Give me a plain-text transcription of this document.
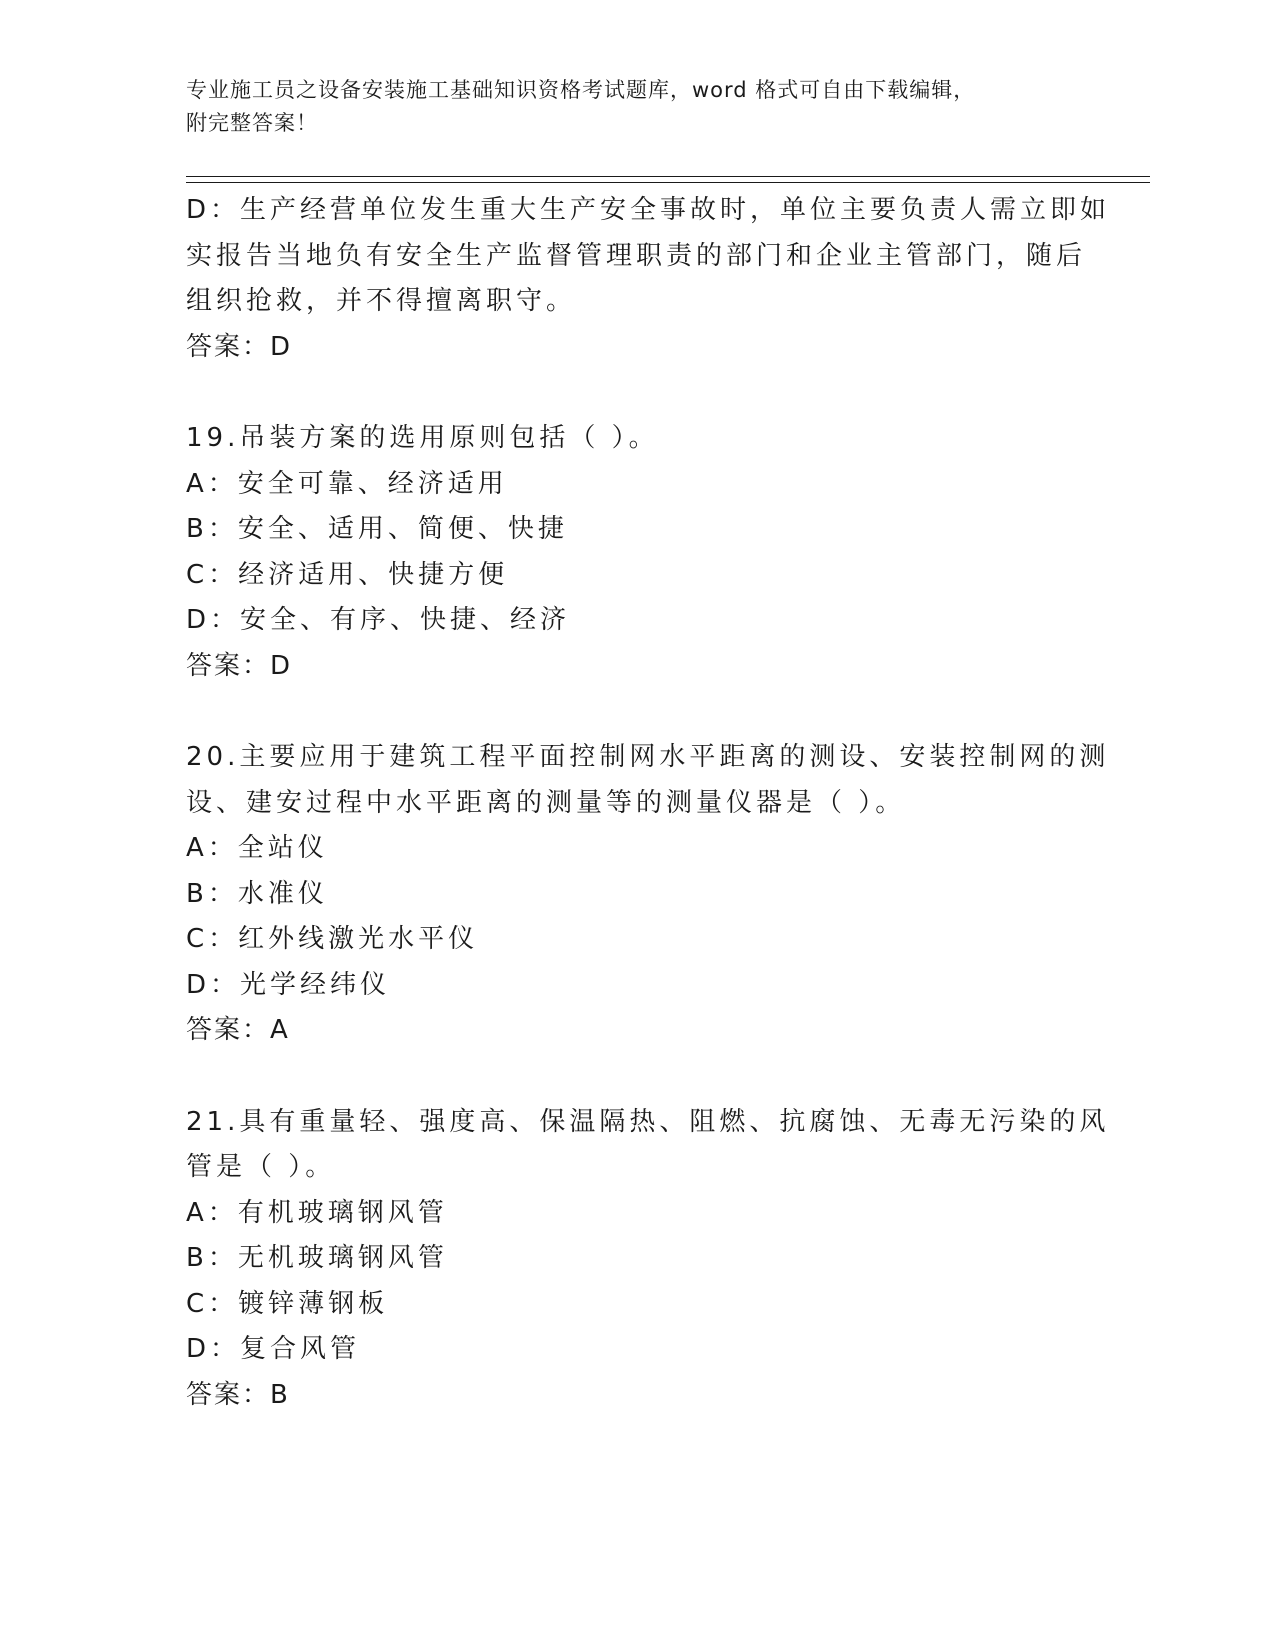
专业施工员之设备安装施工基础知识资格考试题库，word 格式可自由下载编辑，
附完整答案！
D：生产经营单位发生重大生产安全事故时，单位主要负责人需立即如
实报告当地负有安全生产监督管理职责的部门和企业主管部门，随后
组织抢救，并不得擅离职守。
答案：D
19.吊装方案的选用原则包括（ ）。
A：安全可靠、经济适用
B：安全、适用、简便、快捷
C：经济适用、快捷方便
D：安全、有序、快捷、经济
答案：D
20.主要应用于建筑工程平面控制网水平距离的测设、安装控制网的测
设、建安过程中水平距离的测量等的测量仪器是（ ）。
A：全站仪
B：水准仪
C：红外线激光水平仪
D：光学经纬仪
答案：A
21.具有重量轻、强度高、保温隔热、阻燃、抗腐蚀、无毒无污染的风
管是（ ）。
A：有机玻璃钢风管
B：无机玻璃钢风管
C：镀锌薄钢板
D：复合风管
答案：B
